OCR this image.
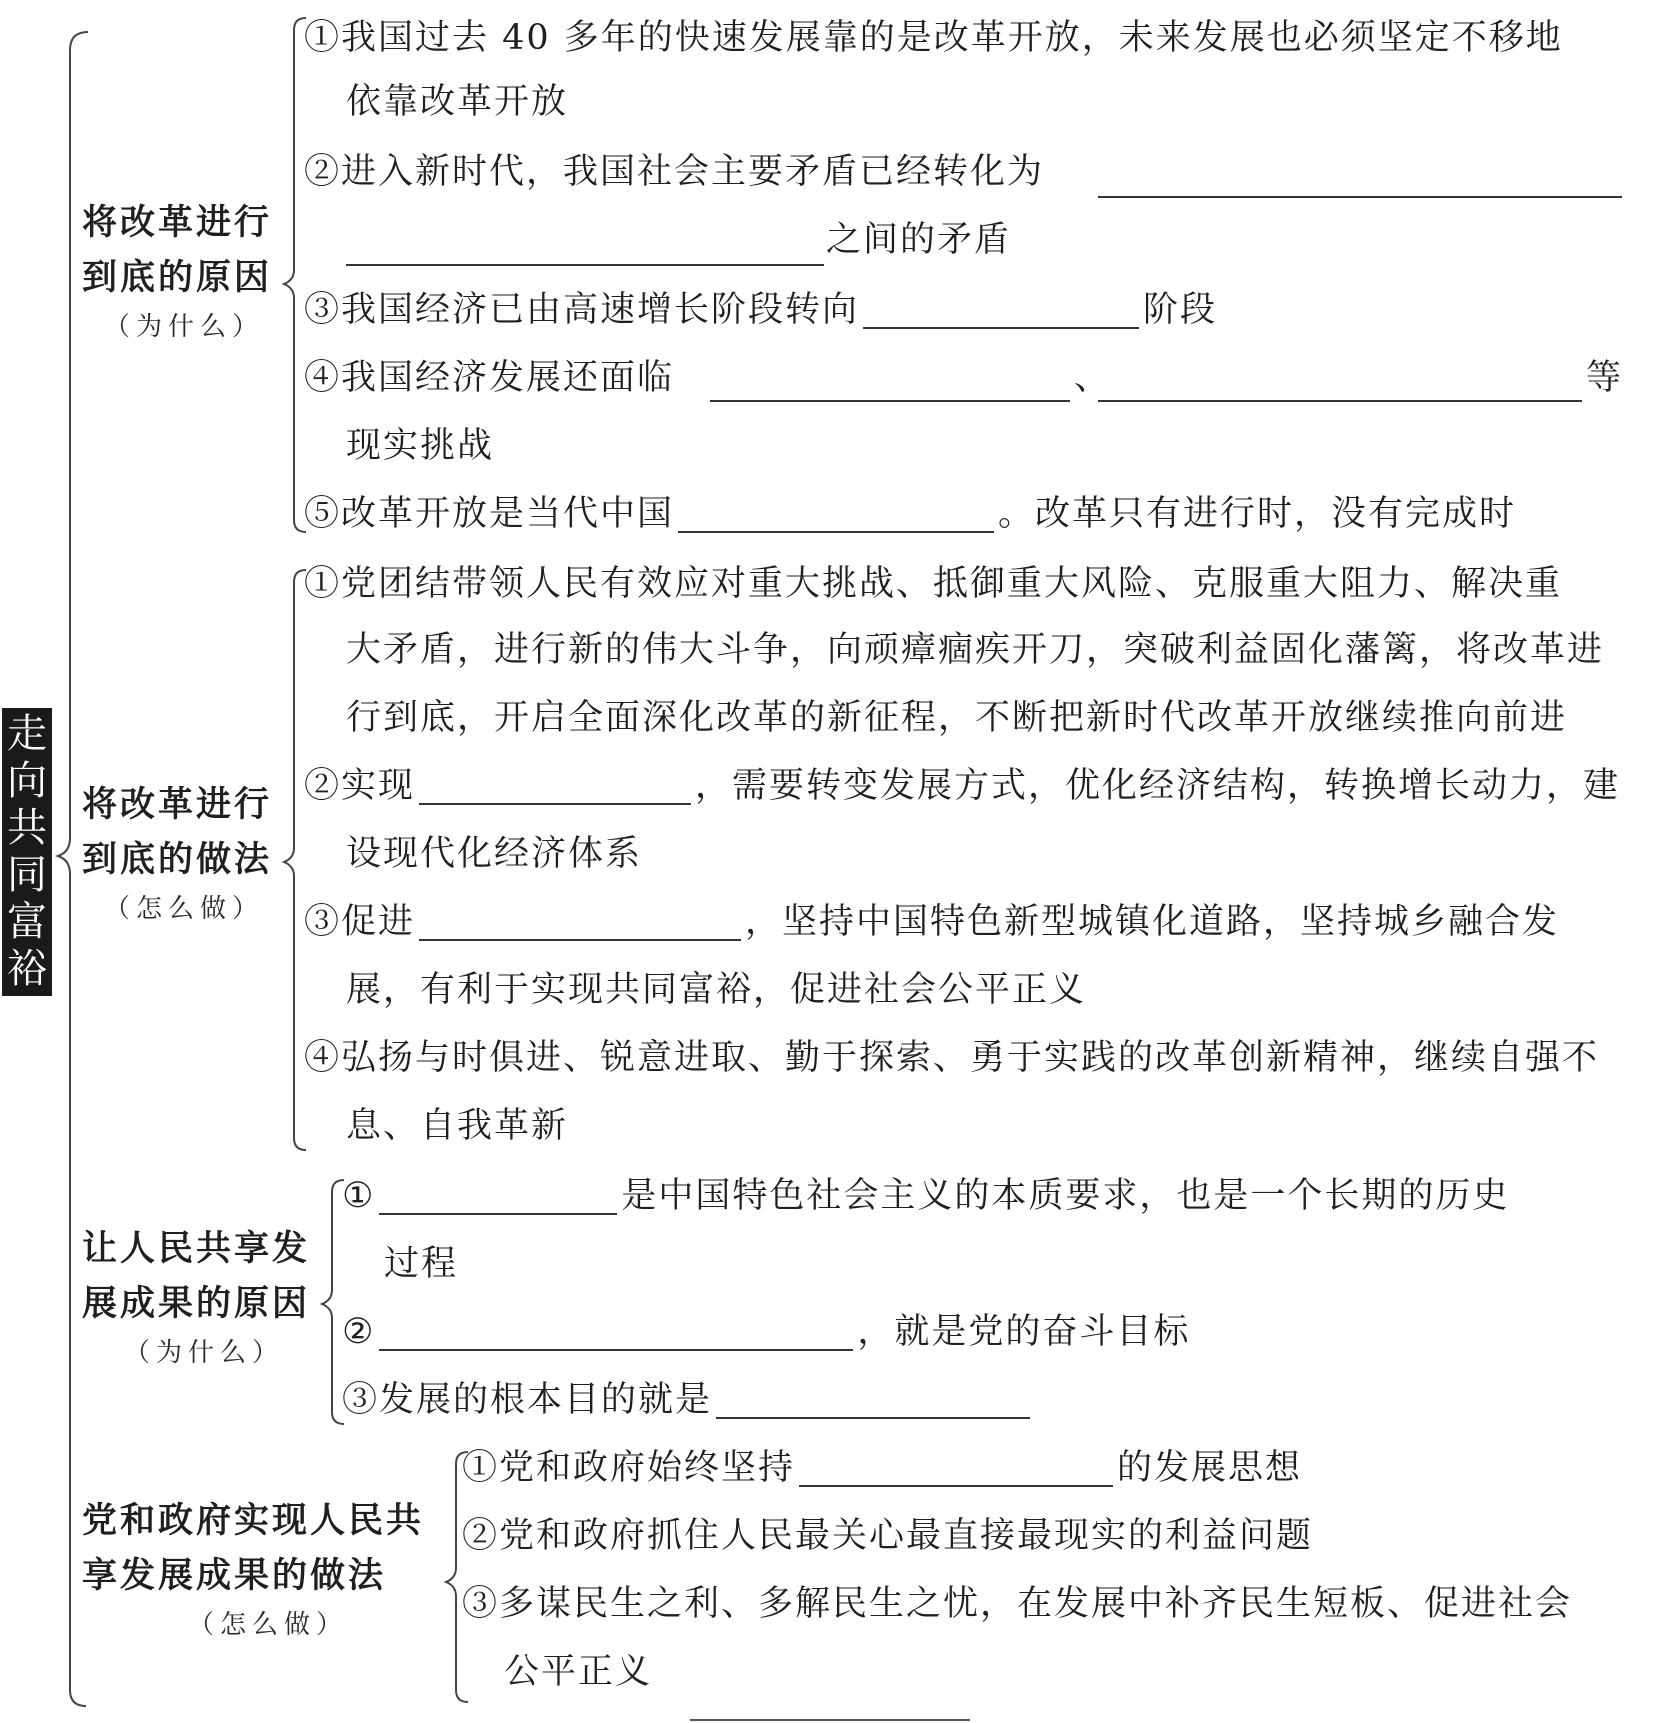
走向共同富裕
将改革进行
到底的原因
（为什么）
①我国过去 40 多年的快速发展靠的是改革开放，未来发展也必须坚定不移地
依靠改革开放
②进入新时代，我国社会主要矛盾已经转化为
之间的矛盾
③我国经济已由高速增长阶段转向	阶段
④我国经济发展还面临	、	等
现实挑战
⑤改革开放是当代中国	。改革只有进行时，没有完成时
将改革进行
到底的做法
（怎么做）
①党团结带领人民有效应对重大挑战、抵御重大风险、克服重大阻力、解决重
大矛盾，进行新的伟大斗争，向顽瘴痼疾开刀，突破利益固化藩篱，将改革进
行到底，开启全面深化改革的新征程，不断把新时代改革开放继续推向前进
②实现	，需要转变发展方式，优化经济结构，转换增长动力，建
设现代化经济体系
③促进	，坚持中国特色新型城镇化道路，坚持城乡融合发
展，有利于实现共同富裕，促进社会公平正义
④弘扬与时俱进、锐意进取、勤于探索、勇于实践的改革创新精神，继续自强不
息、自我革新
让人民共享发
展成果的原因
（为什么）
①	是中国特色社会主义的本质要求，也是一个长期的历史
过程
②	，就是党的奋斗目标
③发展的根本目的就是
党和政府实现人民共
享发展成果的做法
（怎么做）
①党和政府始终坚持	的发展思想
②党和政府抓住人民最关心最直接最现实的利益问题
③多谋民生之利、多解民生之忧，在发展中补齐民生短板、促进社会
公平正义
